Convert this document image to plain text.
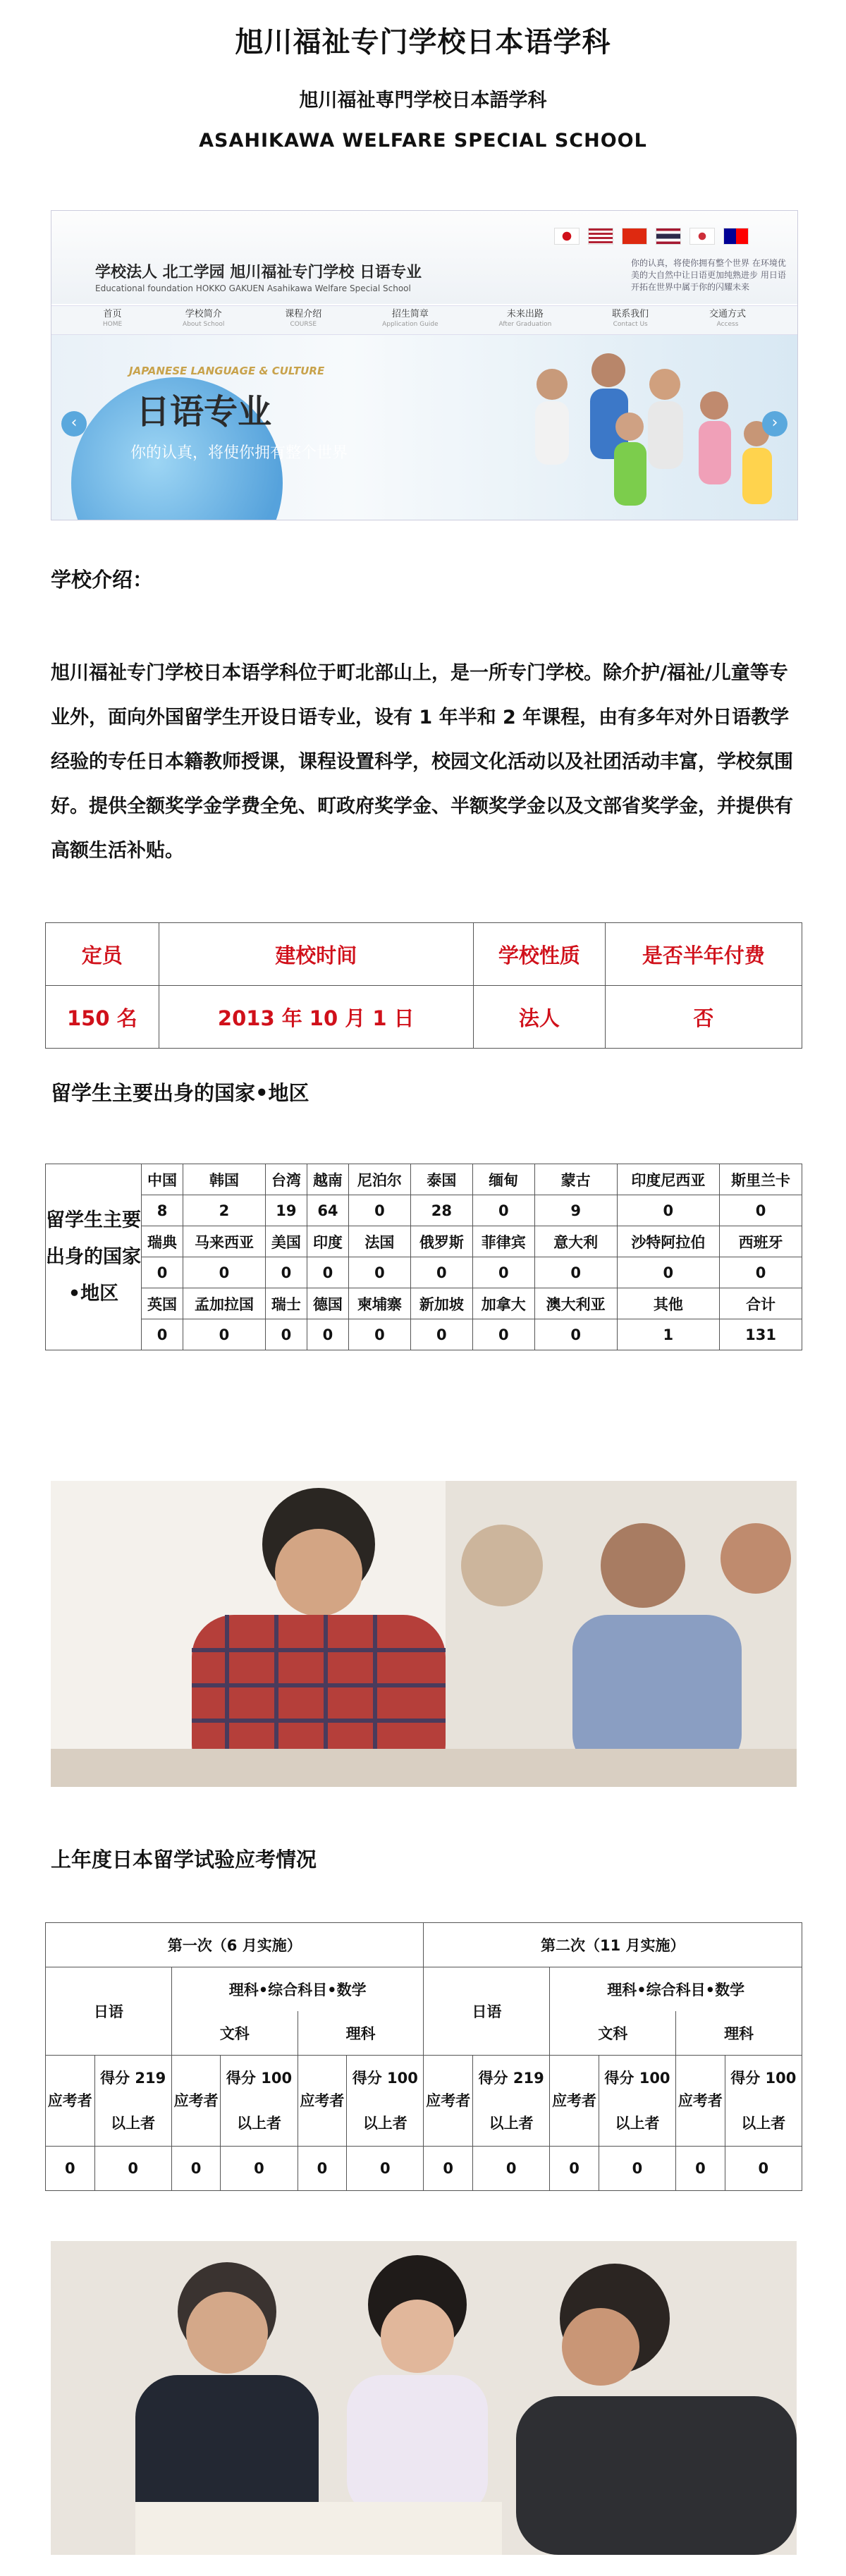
旭川福祉专门学校日本语学科
旭川福祉専門学校日本語学科
ASAHIKAWA WELFARE SPECIAL SCHOOL
学校法人 北工学园 旭川福祉专门学校 日语专业
Educational foundation HOKKO GAKUEN Asahikawa Welfare Special School
你的认真，将使你拥有整个世界 在环境优美的大自然中让日语更加纯熟进步 用日语开拓在世界中属于你的闪耀未来
首页
HOME
学校简介
About School
课程介绍
COURSE
招生简章
Application Guide
未来出路
After Graduation
联系我们
Contact Us
交通方式
Access
JAPANESE LANGUAGE & CULTURE
日语专业
你的认真，将使你拥有整个世界
‹	›
学校介绍：

旭川福祉专门学校日本语学科位于町北部山上，是一所专门学校。除介护/福祉/儿童等专业外，面向外国留学生开设日语专业，设有 1 年半和 2 年课程，由有多年对外日语教学经验的专任日本籍教师授课，课程设置科学，校园文化活动以及社团活动丰富，学校氛围好。提供全额奖学金学费全免、町政府奖学金、半额奖学金以及文部省奖学金，并提供有高额生活补贴。

定员	建校时间	学校性质	是否半年付费
150 名	2013 年 10 月 1 日	法人	否
留学生主要出身的国家•地区
留学生主要出身的国家•地区	中国	韩国	台湾	越南	尼泊尔	泰国	缅甸	蒙古	印度尼西亚	斯里兰卡
	8	2	19	64	0	28	0	9	0	0
	瑞典	马来西亚	美国	印度	法国	俄罗斯	菲律宾	意大利	沙特阿拉伯	西班牙
	0	0	0	0	0	0	0	0	0	0
	英国	孟加拉国	瑞士	德国	柬埔寨	新加坡	加拿大	澳大利亚	其他	合计
	0	0	0	0	0	0	0	0	1	131
上年度日本留学试验应考情况
第一次（6 月实施）						第二次（11 月实施）					
日语		理科•综合科目•数学				日语		理科•综合科目•数学			
		文科		理科				文科		理科	
应考者	得分 219 以上者	应考者	得分 100 以上者	应考者	得分 100 以上者	应考者	得分 219 以上者	应考者	得分 100 以上者	应考者	得分 100 以上者
0	0	0	0	0	0	0	0	0	0	0	0
